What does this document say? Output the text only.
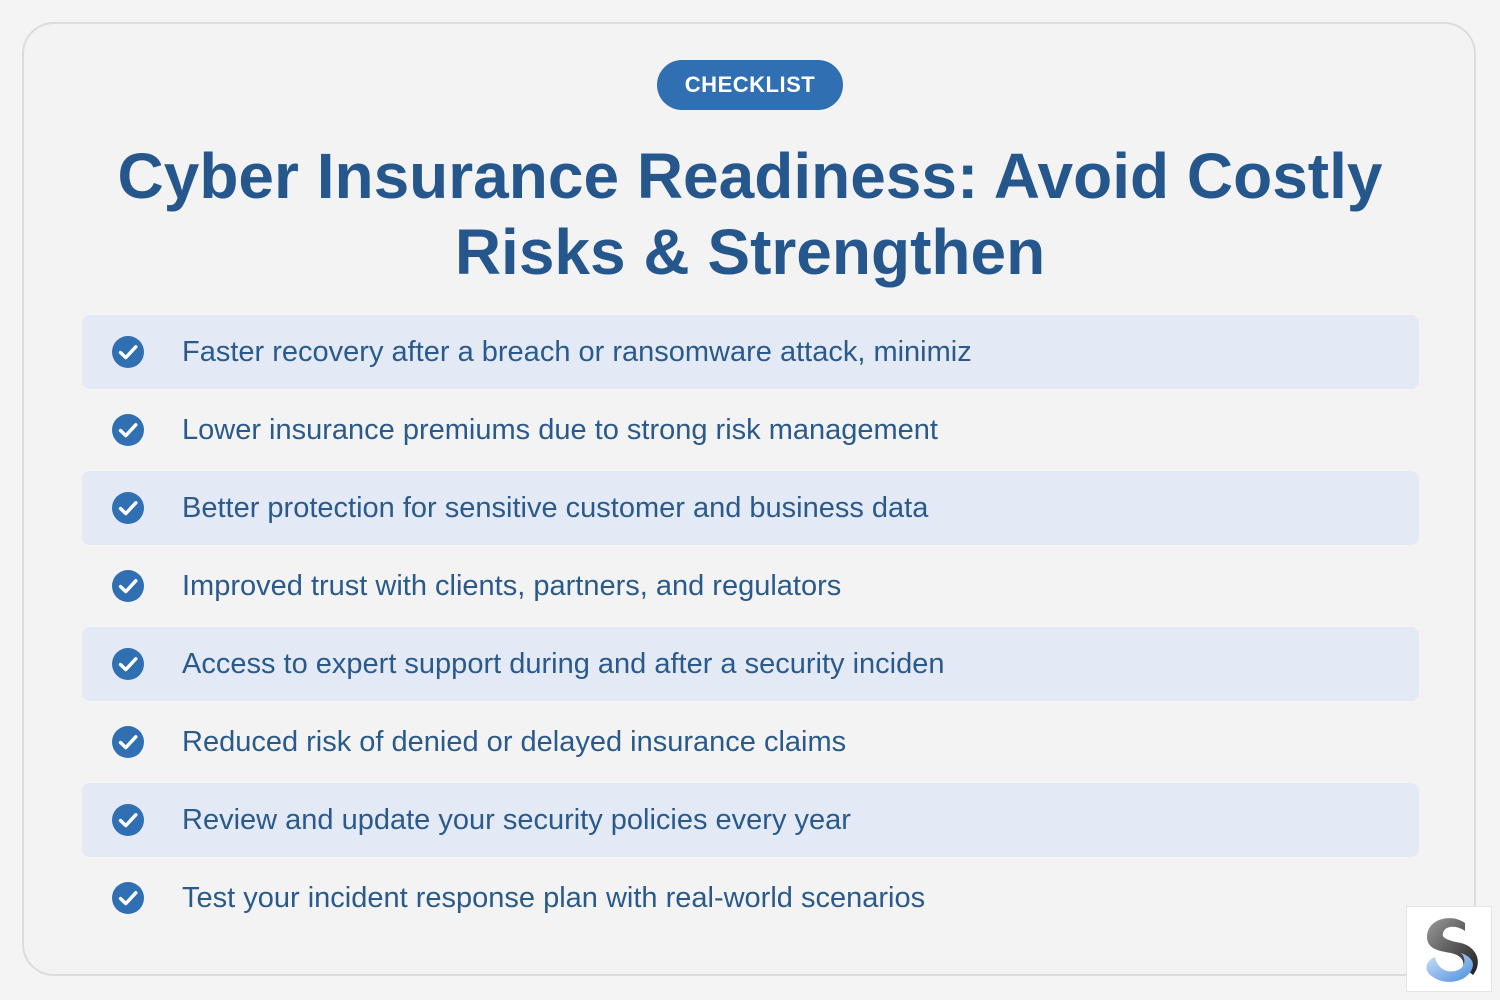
CHECKLIST
Cyber Insurance Readiness: Avoid Costly
Risks & Strengthen
Faster recovery after a breach or ransomware attack, minimiz
Lower insurance premiums due to strong risk management
Better protection for sensitive customer and business data
Improved trust with clients, partners, and regulators
Access to expert support during and after a security inciden
Reduced risk of denied or delayed insurance claims
Review and update your security policies every year
Test your incident response plan with real-world scenarios
